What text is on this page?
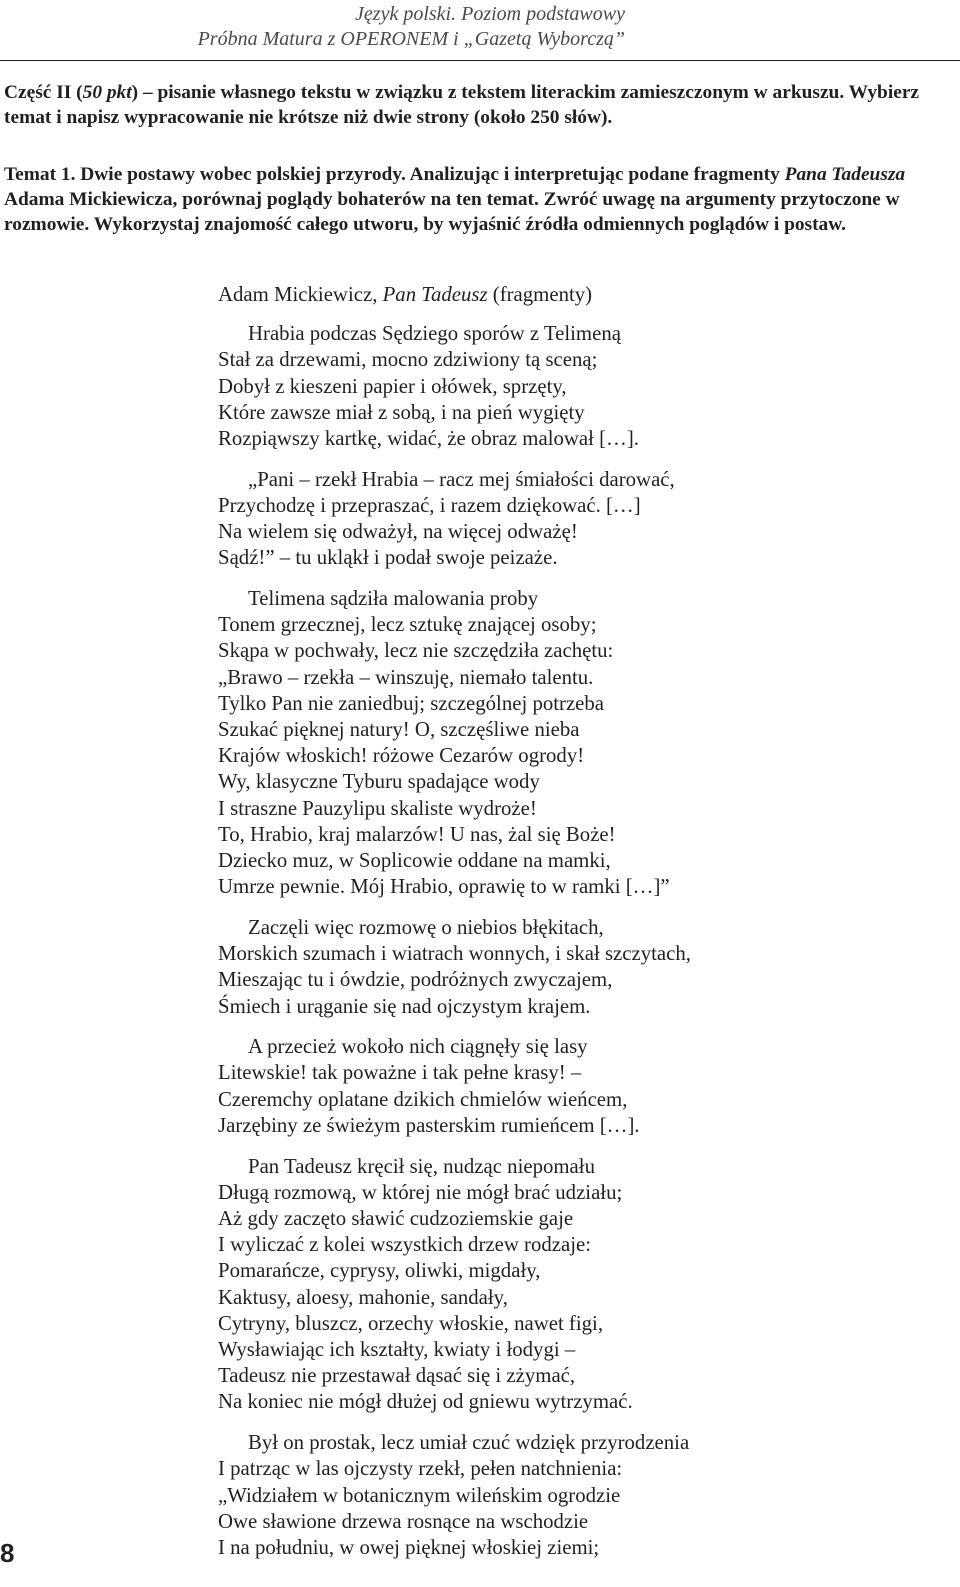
Język polski. Poziom podstawowy
Próbna Matura z OPERONEM i „Gazetą Wyborczą”

Część II (50 pkt) – pisanie własnego tekstu w związku z tekstem literackim zamieszczonym w arkuszu. Wybierz temat i napisz wypracowanie nie krótsze niż dwie strony (około 250 słów).

Temat 1. Dwie postawy wobec polskiej przyrody. Analizując i interpretując podane fragmenty Pana Tadeusza Adama Mickiewicza, porównaj poglądy bohaterów na ten temat. Zwróć uwagę na argumenty przytoczone w rozmowie. Wykorzystaj znajomość całego utworu, by wyjaśnić źródła odmiennych poglądów i postaw.

Adam Mickiewicz, Pan Tadeusz (fragmenty)

Hrabia podczas Sędziego sporów z Telimeną
Stał za drzewami, mocno zdziwiony tą sceną;
Dobył z kieszeni papier i ołówek, sprzęty,
Które zawsze miał z sobą, i na pień wygięty
Rozpiąwszy kartkę, widać, że obraz malował […].
„Pani – rzekł Hrabia – racz mej śmiałości darować,
Przychodzę i przepraszać, i razem dziękować. […]
Na wielem się odważył, na więcej odważę!
Sądź!” – tu ukląkł i podał swoje peizaże.
Telimena sądziła malowania proby
Tonem grzecznej, lecz sztukę znającej osoby;
Skąpa w pochwały, lecz nie szczędziła zachętu:
„Brawo – rzekła – winszuję, niemało talentu.
Tylko Pan nie zaniedbuj; szczególnej potrzeba
Szukać pięknej natury! O, szczęśliwe nieba
Krajów włoskich! różowe Cezarów ogrody!
Wy, klasyczne Tyburu spadające wody
I straszne Pauzylipu skaliste wydroże!
To, Hrabio, kraj malarzów! U nas, żal się Boże!
Dziecko muz, w Soplicowie oddane na mamki,
Umrze pewnie. Mój Hrabio, oprawię to w ramki […]”
Zaczęli więc rozmowę o niebios błękitach,
Morskich szumach i wiatrach wonnych, i skał szczytach,
Mieszając tu i ówdzie, podróżnych zwyczajem,
Śmiech i urąganie się nad ojczystym krajem.
A przecież wokoło nich ciągnęły się lasy
Litewskie! tak poważne i tak pełne krasy! –
Czeremchy oplatane dzikich chmielów wieńcem,
Jarzębiny ze świeżym pasterskim rumieńcem […].
Pan Tadeusz kręcił się, nudząc niepomału
Długą rozmową, w której nie mógł brać udziału;
Aż gdy zaczęto sławić cudzoziemskie gaje
I wyliczać z kolei wszystkich drzew rodzaje:
Pomarańcze, cyprysy, oliwki, migdały,
Kaktusy, aloesy, mahonie, sandały,
Cytryny, bluszcz, orzechy włoskie, nawet figi,
Wysławiając ich kształty, kwiaty i łodygi –
Tadeusz nie przestawał dąsać się i zżymać,
Na koniec nie mógł dłużej od gniewu wytrzymać.
Był on prostak, lecz umiał czuć wdzięk przyrodzenia
I patrząc w las ojczysty rzekł, pełen natchnienia:
„Widziałem w botanicznym wileńskim ogrodzie
Owe sławione drzewa rosnące na wschodzie
I na południu, w owej pięknej włoskiej ziemi;
8
